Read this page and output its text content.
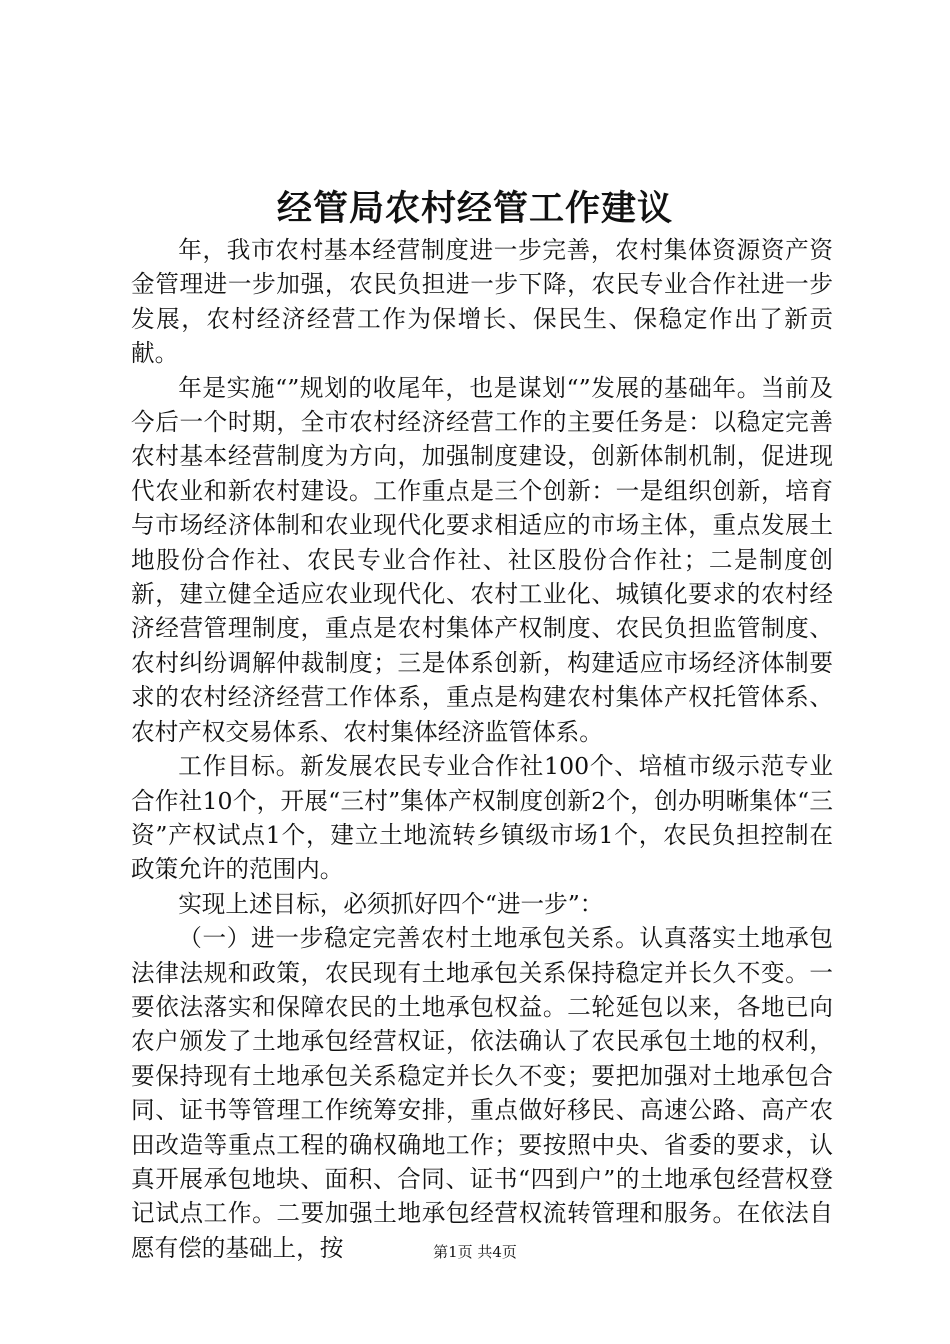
经管局农村经管工作建议

年，我市农村基本经营制度进一步完善，农村集体资源资产资金管理进一步加强，农民负担进一步下降，农民专业合作社进一步发展，农村经济经营工作为保增长、保民生、保稳定作出了新贡献。

年是实施“”规划的收尾年，也是谋划“”发展的基础年。当前及今后一个时期，全市农村经济经营工作的主要任务是：以稳定完善农村基本经营制度为方向，加强制度建设，创新体制机制，促进现代农业和新农村建设。工作重点是三个创新：一是组织创新，培育与市场经济体制和农业现代化要求相适应的市场主体，重点发展土地股份合作社、农民专业合作社、社区股份合作社；二是制度创新，建立健全适应农业现代化、农村工业化、城镇化要求的农村经济经营管理制度，重点是农村集体产权制度、农民负担监管制度、农村纠纷调解仲裁制度；三是体系创新，构建适应市场经济体制要求的农村经济经营工作体系，重点是构建农村集体产权托管体系、农村产权交易体系、农村集体经济监管体系。

工作目标。新发展农民专业合作社100个、培植市级示范专业合作社10个，开展“三村”集体产权制度创新2个，创办明晰集体“三资”产权试点1个，建立土地流转乡镇级市场1个，农民负担控制在政策允许的范围内。

实现上述目标，必须抓好四个“进一步”：

（一）进一步稳定完善农村土地承包关系。认真落实土地承包法律法规和政策，农民现有土地承包关系保持稳定并长久不变。一要依法落实和保障农民的土地承包权益。二轮延包以来，各地已向农户颁发了土地承包经营权证，依法确认了农民承包土地的权利，要保持现有土地承包关系稳定并长久不变；要把加强对土地承包合同、证书等管理工作统筹安排，重点做好移民、高速公路、高产农田改造等重点工程的确权确地工作；要按照中央、省委的要求，认真开展承包地块、面积、合同、证书“四到户”的土地承包经营权登记试点工作。二要加强土地承包经营权流转管理和服务。在依法自愿有偿的基础上，按	第1页 共4页
